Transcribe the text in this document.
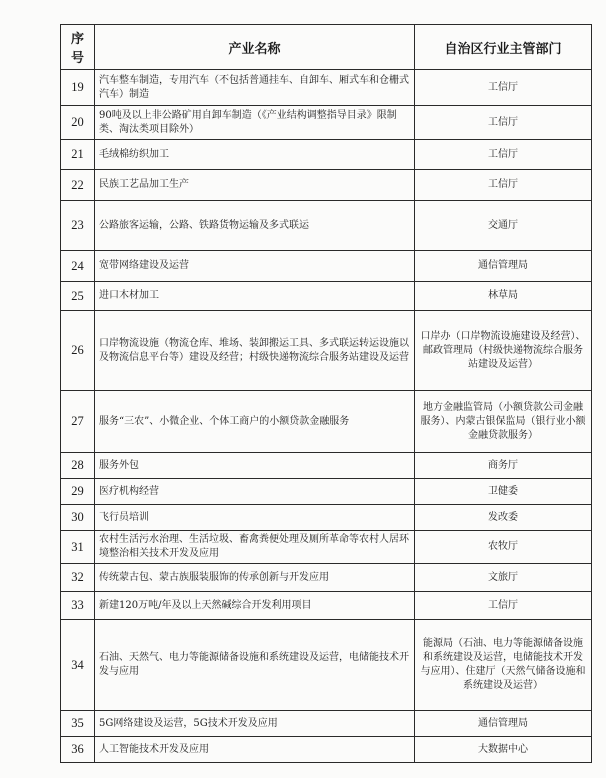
序号	产业名称	自治区行业主管部门
19	汽车整车制造，专用汽车（不包括普通挂车、自卸车、厢式车和仓栅式汽车）制造	工信厅
20	90吨及以上非公路矿用自卸车制造（《产业结构调整指导目录》限制类、淘汰类项目除外）	工信厅
21	毛绒棉纺织加工	工信厅
22	民族工艺品加工生产	工信厅
23	公路旅客运输，公路、铁路货物运输及多式联运	交通厅
24	宽带网络建设及运营	通信管理局
25	进口木材加工	林草局
26	口岸物流设施（物流仓库、堆场、装卸搬运工具、多式联运转运设施以及物流信息平台等）建设及经营；村级快递物流综合服务站建设及运营	口岸办（口岸物流设施建设及经营）、邮政管理局（村级快递物流综合服务站建设及运营）
27	服务“三农”、小微企业、个体工商户的小额贷款金融服务	地方金融监管局（小额贷款公司金融服务）、内蒙古银保监局（银行业小额金融贷款服务）
28	服务外包	商务厅
29	医疗机构经营	卫健委
30	飞行员培训	发改委
31	农村生活污水治理、生活垃圾、畜禽粪便处理及厕所革命等农村人居环境整治相关技术开发及应用	农牧厅
32	传统蒙古包、蒙古族服装服饰的传承创新与开发应用	文旅厅
33	新建120万吨/年及以上天然碱综合开发利用项目	工信厅
34	石油、天然气、电力等能源储备设施和系统建设及运营，电储能技术开发与应用	能源局（石油、电力等能源储备设施和系统建设及运营，电储能技术开发与应用）、住建厅（天然气储备设施和系统建设及运营）
35	5G网络建设及运营，5G技术开发及应用	通信管理局
36	人工智能技术开发及应用	大数据中心
